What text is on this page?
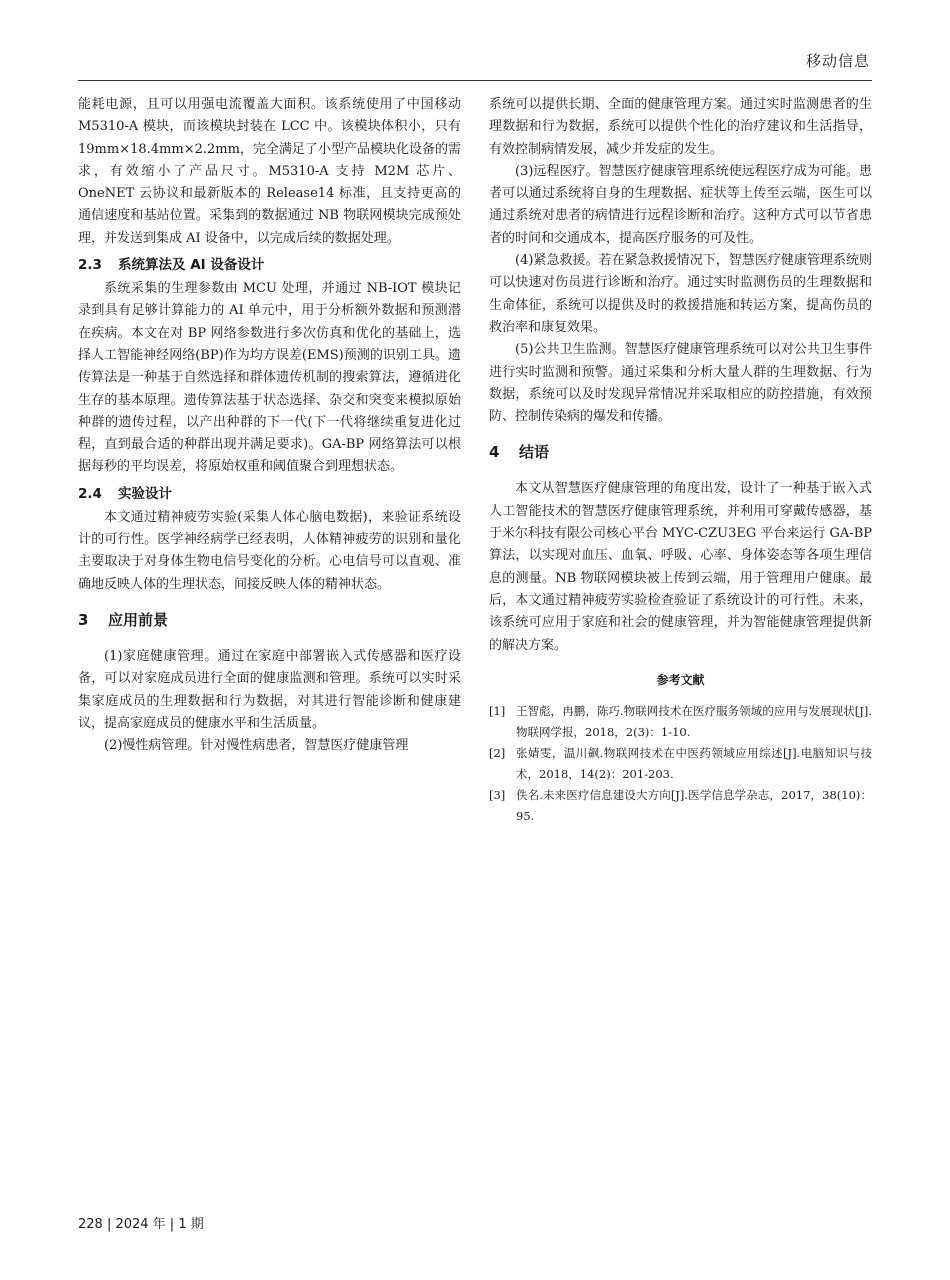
移动信息

能耗电源，且可以用强电流覆盖大面积。该系统使用了中国移动 M5310-A 模块，而该模块封装在 LCC 中。该模块体积小，只有 19mm×18.4mm×2.2mm，完全满足了小型产品模块化设备的需求，有效缩小了产品尺寸。M5310-A 支持 M2M 芯片、OneNET 云协议和最新版本的 Release14 标准，且支持更高的通信速度和基站位置。采集到的数据通过 NB 物联网模块完成预处理，并发送到集成 AI 设备中，以完成后续的数据处理。

2.3 系统算法及 AI 设备设计

系统采集的生理参数由 MCU 处理，并通过 NB-IOT 模块记录到具有足够计算能力的 AI 单元中，用于分析额外数据和预测潜在疾病。本文在对 BP 网络参数进行多次仿真和优化的基础上，选择人工智能神经网络(BP)作为均方误差(EMS)预测的识别工具。遗传算法是一种基于自然选择和群体遗传机制的搜索算法，遵循进化生存的基本原理。遗传算法基于状态选择、杂交和突变来模拟原始种群的遗传过程，以产出种群的下一代(下一代将继续重复进化过程，直到最合适的种群出现并满足要求)。GA-BP 网络算法可以根据每秒的平均误差，将原始权重和阈值聚合到理想状态。

2.4 实验设计

本文通过精神疲劳实验(采集人体心脑电数据)，来验证系统设计的可行性。医学神经病学已经表明，人体精神疲劳的识别和量化主要取决于对身体生物电信号变化的分析。心电信号可以直观、准确地反映人体的生理状态，间接反映人体的精神状态。

3 应用前景

(1)家庭健康管理。通过在家庭中部署嵌入式传感器和医疗设备，可以对家庭成员进行全面的健康监测和管理。系统可以实时采集家庭成员的生理数据和行为数据，对其进行智能诊断和健康建议，提高家庭成员的健康水平和生活质量。

(2)慢性病管理。针对慢性病患者，智慧医疗健康管理

系统可以提供长期、全面的健康管理方案。通过实时监测患者的生理数据和行为数据，系统可以提供个性化的治疗建议和生活指导，有效控制病情发展，减少并发症的发生。

(3)远程医疗。智慧医疗健康管理系统使远程医疗成为可能。患者可以通过系统将自身的生理数据、症状等上传至云端，医生可以通过系统对患者的病情进行远程诊断和治疗。这种方式可以节省患者的时间和交通成本，提高医疗服务的可及性。

(4)紧急救援。若在紧急救援情况下，智慧医疗健康管理系统则可以快速对伤员进行诊断和治疗。通过实时监测伤员的生理数据和生命体征，系统可以提供及时的救援措施和转运方案，提高伤员的救治率和康复效果。

(5)公共卫生监测。智慧医疗健康管理系统可以对公共卫生事件进行实时监测和预警。通过采集和分析大量人群的生理数据、行为数据，系统可以及时发现异常情况并采取相应的防控措施，有效预防、控制传染病的爆发和传播。

4 结语

本文从智慧医疗健康管理的角度出发，设计了一种基于嵌入式人工智能技术的智慧医疗健康管理系统，并利用可穿戴传感器，基于米尔科技有限公司核心平台 MYC-CZU3EG 平台来运行 GA-BP 算法，以实现对血压、血氧、呼吸、心率、身体姿态等各项生理信息的测量。NB 物联网模块被上传到云端，用于管理用户健康。最后，本文通过精神疲劳实验检查验证了系统设计的可行性。未来，该系统可应用于家庭和社会的健康管理，并为智能健康管理提供新的解决方案。

参考文献
[1] 王智彪，冉鹏，陈巧.物联网技术在医疗服务领域的应用与发展现状[J].物联网学报，2018，2(3)：1-10.
[2] 张婧雯，温川飙.物联网技术在中医药领域应用综述[J].电脑知识与技术，2018，14(2)：201-203.
[3] 佚名.未来医疗信息建设大方向[J].医学信息学杂志，2017，38(10)：95.
228 | 2024 年 | 1 期
